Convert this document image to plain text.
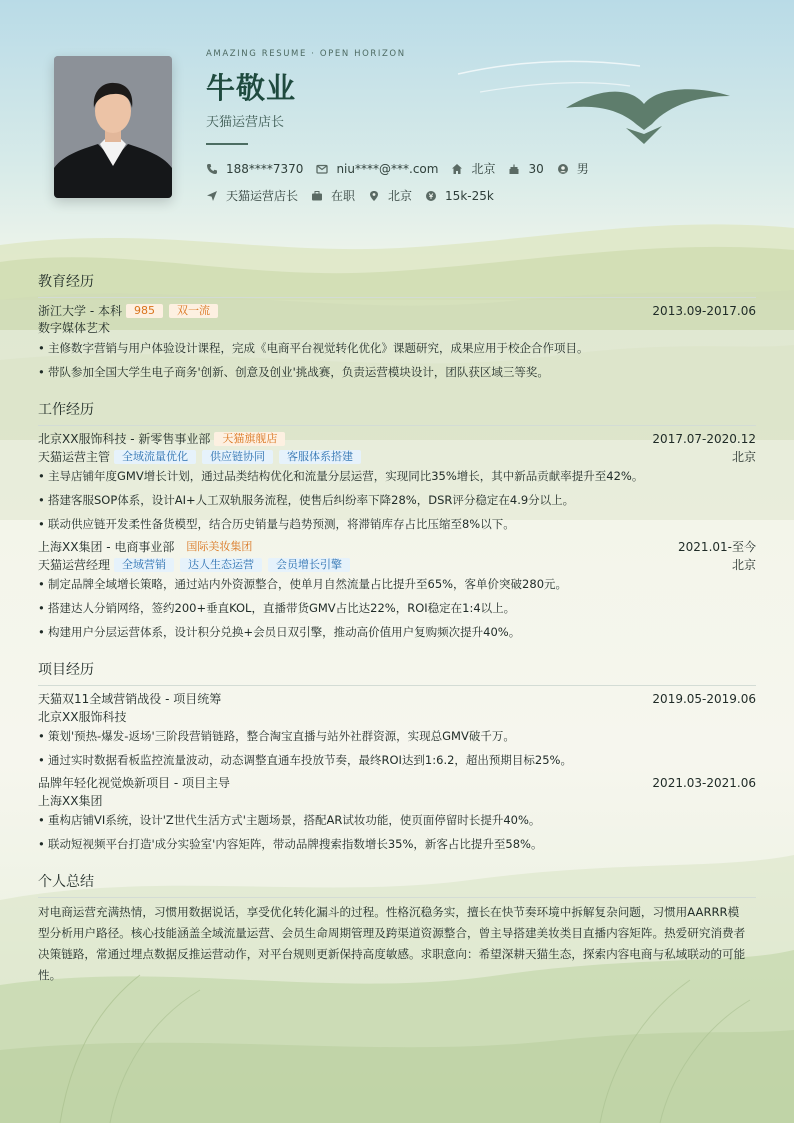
AMAZING RESUME · OPEN HORIZON
牛敬业
天猫运营店长
188****7370	niu****@***.com	北京	30	男
天猫运营店长	在职	北京	15k-25k
教育经历
浙江大学 - 本科	985	双一流	2013.09-2017.06
数字媒体艺术
• 主修数字营销与用户体验设计课程，完成《电商平台视觉转化优化》课题研究，成果应用于校企合作项目。
• 带队参加全国大学生电子商务'创新、创意及创业'挑战赛，负责运营模块设计，团队获区域三等奖。
工作经历
北京XX服饰科技 - 新零售事业部	天猫旗舰店	2017.07-2020.12
天猫运营主管	全域流量优化	供应链协同	客服体系搭建	北京
• 主导店铺年度GMV增长计划，通过品类结构优化和流量分层运营，实现同比35%增长，其中新品贡献率提升至42%。
• 搭建客服SOP体系，设计AI+人工双轨服务流程，使售后纠纷率下降28%，DSR评分稳定在4.9分以上。
• 联动供应链开发柔性备货模型，结合历史销量与趋势预测，将滞销库存占比压缩至8%以下。
上海XX集团 - 电商事业部	国际美妆集团	2021.01-至今
天猫运营经理	全域营销	达人生态运营	会员增长引擎	北京
• 制定品牌全域增长策略，通过站内外资源整合，使单月自然流量占比提升至65%，客单价突破280元。
• 搭建达人分销网络，签约200+垂直KOL，直播带货GMV占比达22%，ROI稳定在1:4以上。
• 构建用户分层运营体系，设计积分兑换+会员日双引擎，推动高价值用户复购频次提升40%。
项目经历
天猫双11全域营销战役 - 项目统筹	2019.05-2019.06
北京XX服饰科技
• 策划'预热-爆发-返场'三阶段营销链路，整合淘宝直播与站外社群资源，实现总GMV破千万。
• 通过实时数据看板监控流量波动，动态调整直通车投放节奏，最终ROI达到1:6.2，超出预期目标25%。
品牌年轻化视觉焕新项目 - 项目主导	2021.03-2021.06
上海XX集团
• 重构店铺VI系统，设计'Z世代生活方式'主题场景，搭配AR试妆功能，使页面停留时长提升40%。
• 联动短视频平台打造'成分实验室'内容矩阵，带动品牌搜索指数增长35%，新客占比提升至58%。
个人总结
对电商运营充满热情，习惯用数据说话，享受优化转化漏斗的过程。性格沉稳务实，擅长在快节奏环境中拆解复杂问题，习惯用AARRR模型分析用户路径。核心技能涵盖全域流量运营、会员生命周期管理及跨渠道资源整合，曾主导搭建美妆类目直播内容矩阵。热爱研究消费者决策链路，常通过埋点数据反推运营动作，对平台规则更新保持高度敏感。求职意向：希望深耕天猫生态，探索内容电商与私域联动的可能性。
